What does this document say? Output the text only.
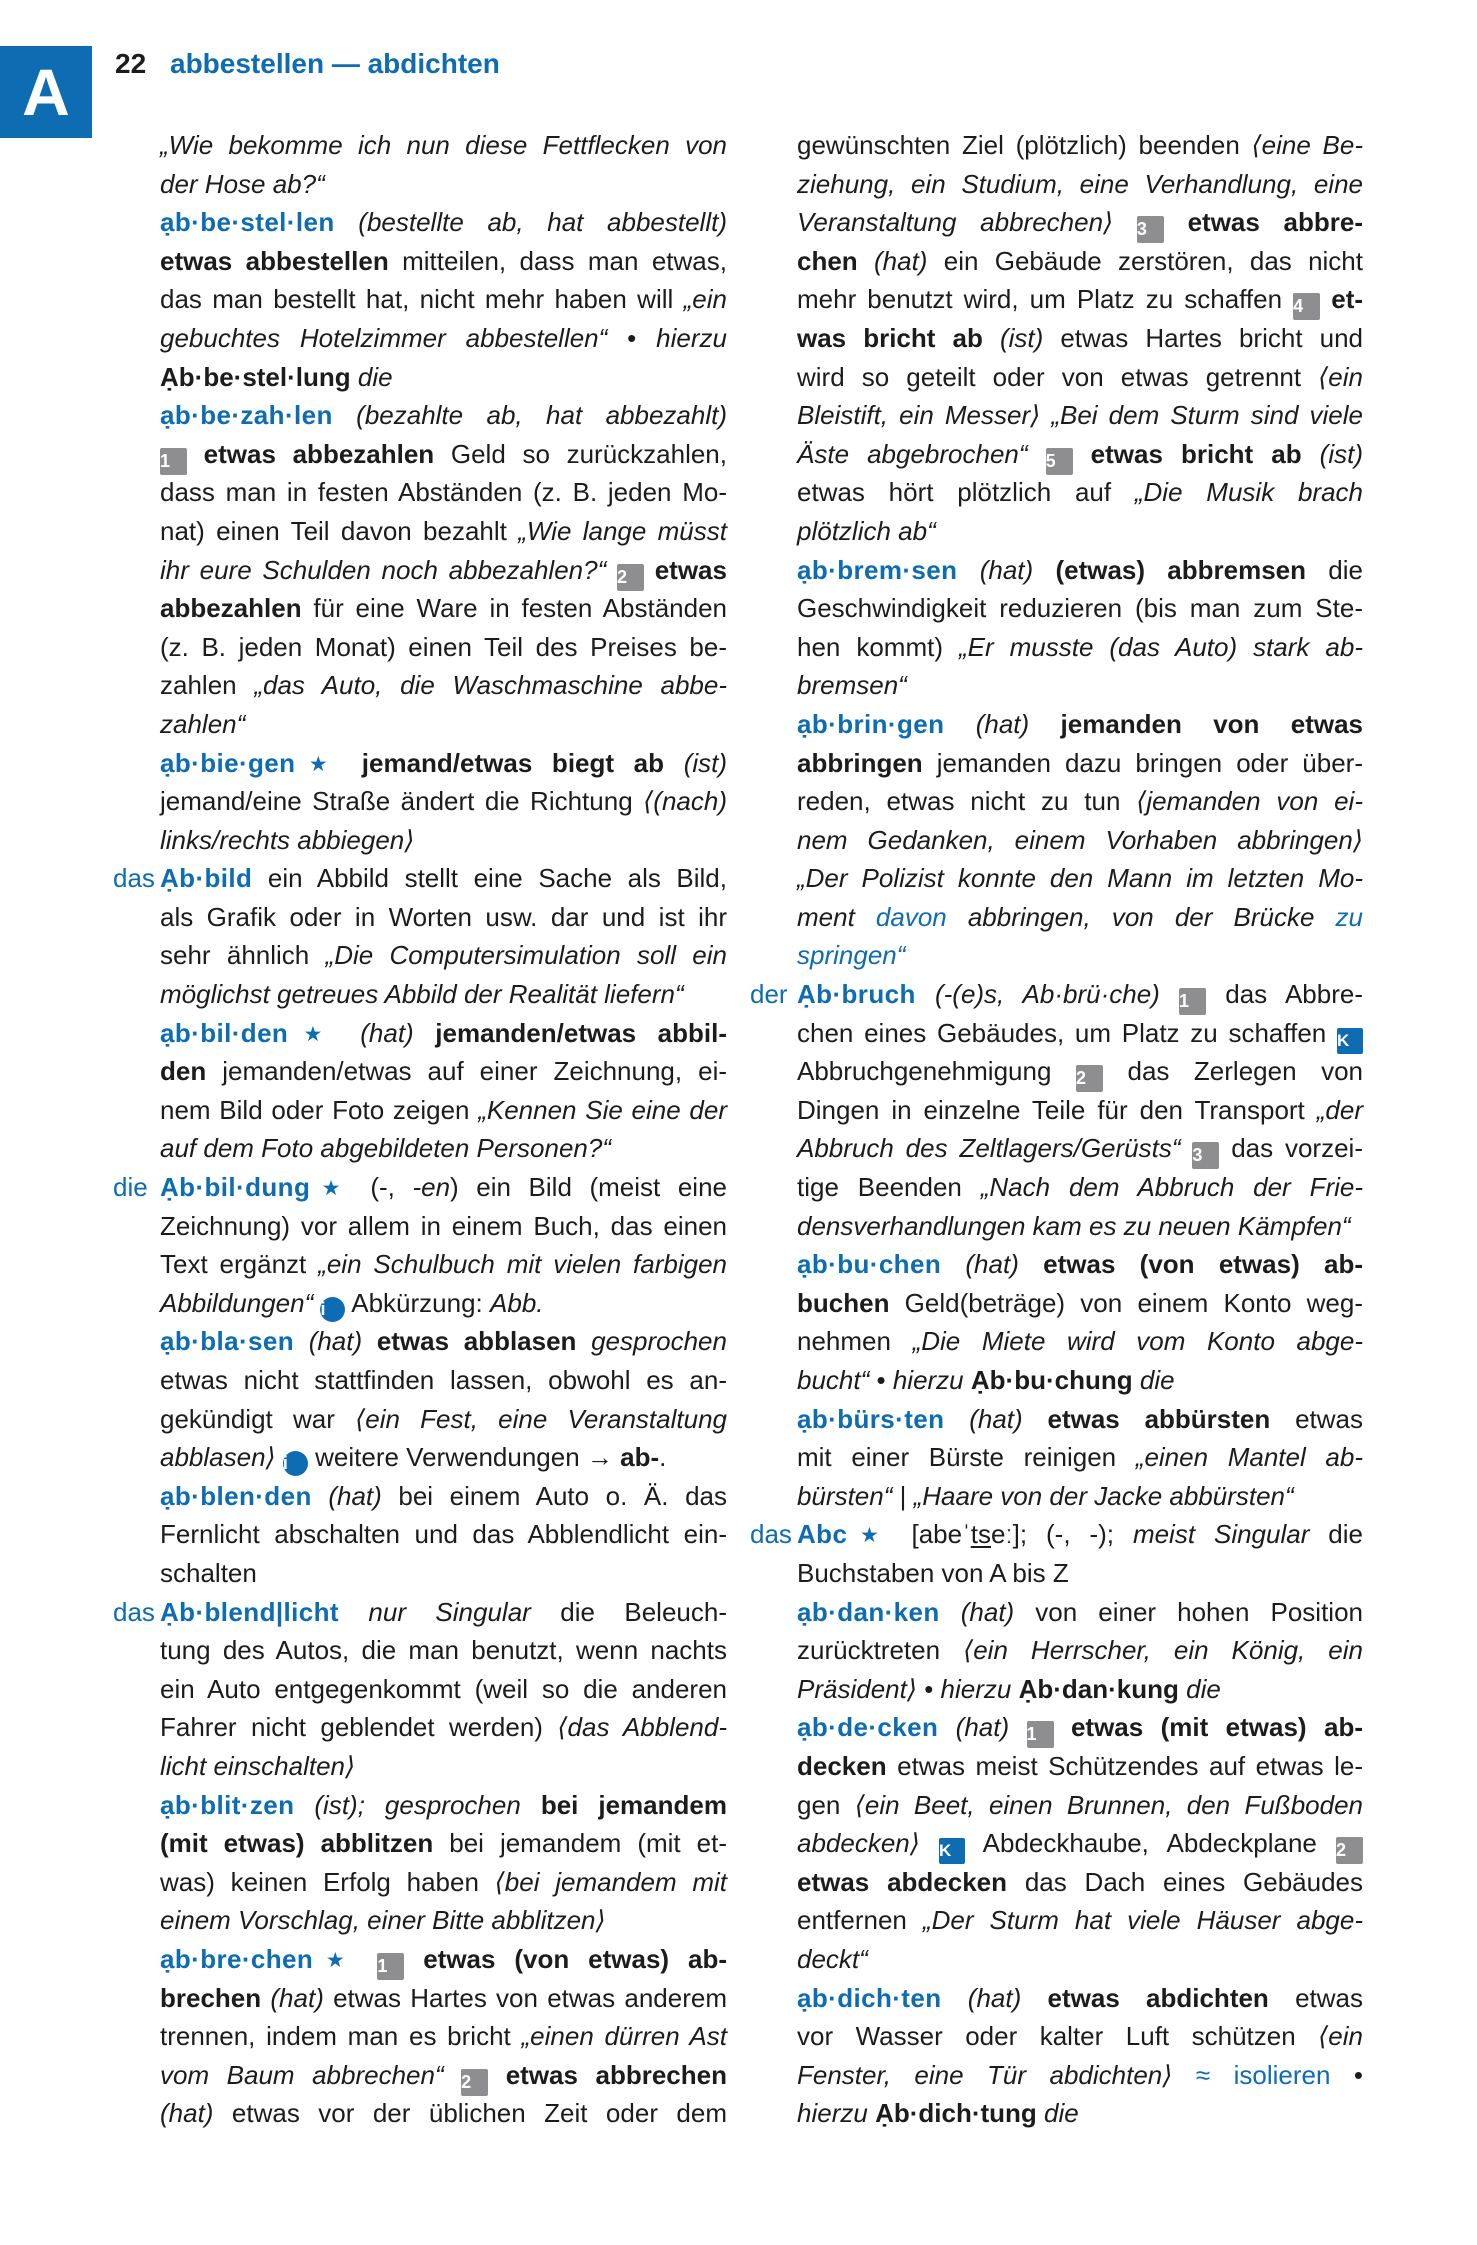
A 22 abbestellen — abdichten
„Wie bekomme ich nun diese Fettflecken von
der Hose ab?“
ạb·be·stel·len (bestellte ab, hat abbestellt)
etwas abbestellen mitteilen, dass man etwas,
das man bestellt hat, nicht mehr haben will „ein
gebuchtes Hotelzimmer abbestellen“ • hierzu
Ạb·be·stel·lung die
ạb·be·zah·len (bezahlte ab, hat abbezahlt)
1 etwas abbezahlen Geld so zurückzahlen,
dass man in festen Abständen (z. B. jeden Mo-
nat) einen Teil davon bezahlt „Wie lange müsst
ihr eure Schulden noch abbezahlen?“ 2 etwas
abbezahlen für eine Ware in festen Abständen
(z. B. jeden Monat) einen Teil des Preises be-
zahlen „das Auto, die Waschmaschine abbe-
zahlen“
ạb·bie·gen★ jemand/etwas biegt ab (ist)
jemand/eine Straße ändert die Richtung ⟨(nach)
links/rechts abbiegen⟩
das Ạb·bild ein Abbild stellt eine Sache als Bild,
als Grafik oder in Worten usw. dar und ist ihr
sehr ähnlich „Die Computersimulation soll ein
möglichst getreues Abbild der Realität liefern“
ạb·bil·den★ (hat) jemanden/etwas abbil-
den jemanden/etwas auf einer Zeichnung, ei-
nem Bild oder Foto zeigen „Kennen Sie eine der
auf dem Foto abgebildeten Personen?“
die Ạb·bil·dung★ (-, -en) ein Bild (meist eine
Zeichnung) vor allem in einem Buch, das einen
Text ergänzt „ein Schulbuch mit vielen farbigen
Abbildungen“ i Abkürzung: Abb.
ạb·bla·sen (hat) etwas abblasen gesprochen
etwas nicht stattfinden lassen, obwohl es an-
gekündigt war ⟨ein Fest, eine Veranstaltung
abblasen⟩ i weitere Verwendungen → ab-.
ạb·blen·den (hat) bei einem Auto o. Ä. das
Fernlicht abschalten und das Abblendlicht ein-
schalten
das Ạb·blend|licht nur Singular die Beleuch-
tung des Autos, die man benutzt, wenn nachts
ein Auto entgegenkommt (weil so die anderen
Fahrer nicht geblendet werden) ⟨das Abblend-
licht einschalten⟩
ạb·blit·zen (ist); gesprochen bei jemandem
(mit etwas) abblitzen bei jemandem (mit et-
was) keinen Erfolg haben ⟨bei jemandem mit
einem Vorschlag, einer Bitte abblitzen⟩
ạb·bre·chen★ 1 etwas (von etwas) ab-
brechen (hat) etwas Hartes von etwas anderem
trennen, indem man es bricht „einen dürren Ast
vom Baum abbrechen“ 2 etwas abbrechen
(hat) etwas vor der üblichen Zeit oder dem
gewünschten Ziel (plötzlich) beenden ⟨eine Be-
ziehung, ein Studium, eine Verhandlung, eine
Veranstaltung abbrechen⟩ 3 etwas abbre-
chen (hat) ein Gebäude zerstören, das nicht
mehr benutzt wird, um Platz zu schaffen 4 et-
was bricht ab (ist) etwas Hartes bricht und
wird so geteilt oder von etwas getrennt ⟨ein
Bleistift, ein Messer⟩ „Bei dem Sturm sind viele
Äste abgebrochen“ 5 etwas bricht ab (ist)
etwas hört plötzlich auf „Die Musik brach
plötzlich ab“
ạb·brem·sen (hat) (etwas) abbremsen die
Geschwindigkeit reduzieren (bis man zum Ste-
hen kommt) „Er musste (das Auto) stark ab-
bremsen“
ạb·brin·gen (hat) jemanden von etwas
abbringen jemanden dazu bringen oder über-
reden, etwas nicht zu tun ⟨jemanden von ei-
nem Gedanken, einem Vorhaben abbringen⟩
„Der Polizist konnte den Mann im letzten Mo-
ment davon abbringen, von der Brücke zu
springen“
der Ạb·bruch (-(e)s, Ab·brü·che) 1 das Abbre-
chen eines Gebäudes, um Platz zu schaffen K
Abbruchgenehmigung 2 das Zerlegen von
Dingen in einzelne Teile für den Transport „der
Abbruch des Zeltlagers/Gerüsts“ 3 das vorzei-
tige Beenden „Nach dem Abbruch der Frie-
densverhandlungen kam es zu neuen Kämpfen“
ạb·bu·chen (hat) etwas (von etwas) ab-
buchen Geld(beträge) von einem Konto weg-
nehmen „Die Miete wird vom Konto abge-
bucht“ • hierzu Ạb·bu·chung die
ạb·bürs·ten (hat) etwas abbürsten etwas
mit einer Bürste reinigen „einen Mantel ab-
bürsten“ | „Haare von der Jacke abbürsten“
das Abc★ [abeˈtseː]; (-, -); meist Singular die
Buchstaben von A bis Z
ạb·dan·ken (hat) von einer hohen Position
zurücktreten ⟨ein Herrscher, ein König, ein
Präsident⟩ • hierzu Ạb·dan·kung die
ạb·de·cken (hat) 1 etwas (mit etwas) ab-
decken etwas meist Schützendes auf etwas le-
gen ⟨ein Beet, einen Brunnen, den Fußboden
abdecken⟩ K Abdeckhaube, Abdeckplane 2
etwas abdecken das Dach eines Gebäudes
entfernen „Der Sturm hat viele Häuser abge-
deckt“
ạb·dich·ten (hat) etwas abdichten etwas
vor Wasser oder kalter Luft schützen ⟨ein
Fenster, eine Tür abdichten⟩ ≈ isolieren •
hierzu Ạb·dich·tung die
